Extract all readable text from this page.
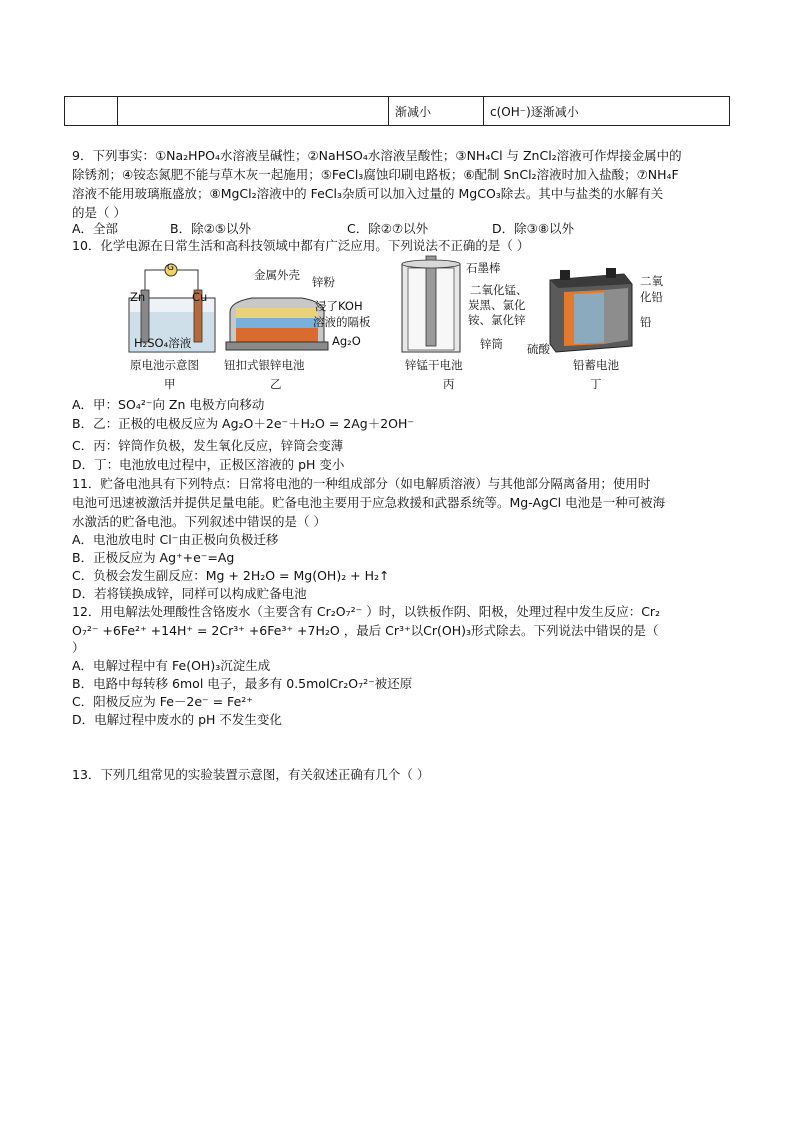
		渐减小	c(OH⁻)逐渐减小
9．下列事实：①Na₂HPO₄水溶液呈碱性；②NaHSO₄水溶液呈酸性；③NH₄Cl 与 ZnCl₂溶液可作焊接金属中的
除锈剂；④铵态氮肥不能与草木灰一起施用；⑤FeCl₃腐蚀印刷电路板；⑥配制 SnCl₂溶液时加入盐酸；⑦NH₄F
溶液不能用玻璃瓶盛放；⑧MgCl₂溶液中的 FeCl₃杂质可以加入过量的 MgCO₃除去。其中与盐类的水解有关
的是（ ）
A．全部	B．除②⑤以外	C．除②⑦以外	D．除③⑧以外
10．化学电源在日常生活和高科技领域中都有广泛应用。下列说法不正确的是（ ）
Zn	Cu
G
H₂SO₄溶液
原电池示意图
甲
金属外壳 锌粉
浸了KOH
溶液的隔板
Ag₂O
钮扣式银锌电池
乙
石墨棒
二氧化锰、
炭黑、氯化
铵、氯化锌
锌筒
锌锰干电池
丙
二氧
化铅
铅
硫酸
铅蓄电池
丁
A．甲：SO₄²⁻向 Zn 电极方向移动
B．乙：正极的电极反应为 Ag₂O＋2e⁻＋H₂O = 2Ag＋2OH⁻
C．丙：锌筒作负极，发生氧化反应，锌筒会变薄
D．丁：电池放电过程中，正极区溶液的 pH 变小
11．贮备电池具有下列特点：日常将电池的一种组成部分（如电解质溶液）与其他部分隔离备用；使用时
电池可迅速被激活并提供足量电能。贮备电池主要用于应急救援和武器系统等。Mg-AgCl 电池是一种可被海
水激活的贮备电池。下列叙述中错误的是（ ）
A．电池放电时 Cl⁻由正极向负极迁移
B．正极反应为 Ag⁺+e⁻=Ag
C．负极会发生副反应：Mg + 2H₂O = Mg(OH)₂ + H₂↑
D．若将镁换成锌，同样可以构成贮备电池
12．用电解法处理酸性含铬废水（主要含有 Cr₂O₇²⁻ ）时，以铁板作阴、阳极，处理过程中发生反应：Cr₂
O₇²⁻ +6Fe²⁺ +14H⁺ = 2Cr³⁺ +6Fe³⁺ +7H₂O ，最后 Cr³⁺以Cr(OH)₃形式除去。下列说法中错误的是（
）
A．电解过程中有 Fe(OH)₃沉淀生成
B．电路中每转移 6mol 电子，最多有 0.5molCr₂O₇²⁻被还原
C．阳极反应为 Fe－2e⁻ = Fe²⁺
D．电解过程中废水的 pH 不发生变化
13．下列几组常见的实验装置示意图，有关叙述正确有几个（ ）
